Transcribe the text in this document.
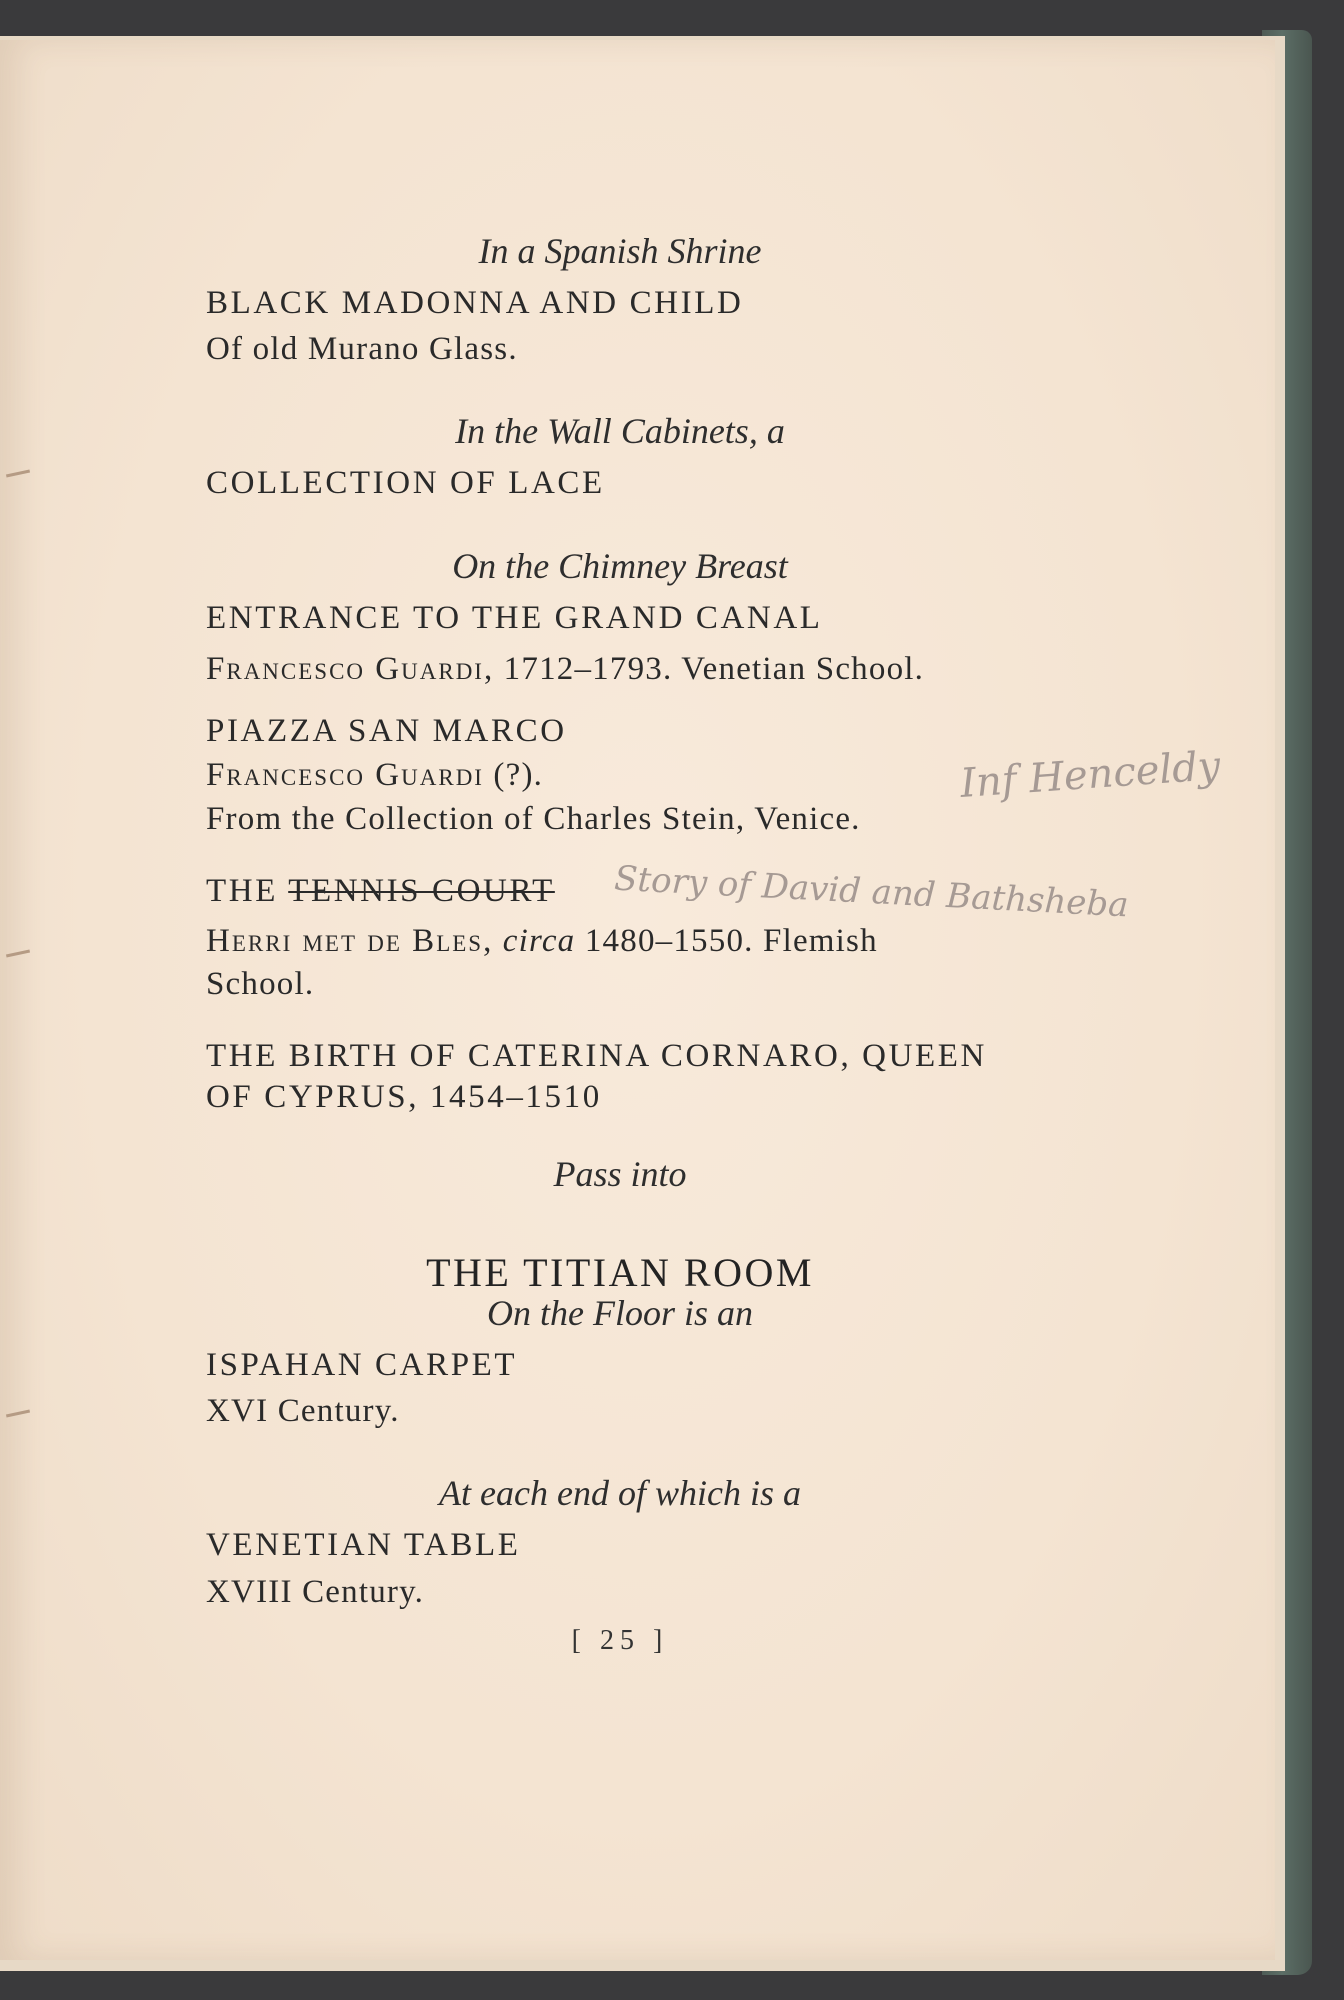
In a Spanish Shrine

BLACK MADONNA AND CHILD

Of old Murano Glass.

In the Wall Cabinets, a

COLLECTION OF LACE

On the Chimney Breast

ENTRANCE TO THE GRAND CANAL

Francesco Guardi, 1712–1793. Venetian School.

PIAZZA SAN MARCO

Francesco Guardi (?).

From the Collection of Charles Stein, Venice.

THE TENNIS COURT

Herri met de Bles, circa 1480–1550. Flemish

School.

THE BIRTH OF CATERINA CORNARO, QUEEN

OF CYPRUS, 1454–1510

Pass into

THE TITIAN ROOM

On the Floor is an

ISPAHAN CARPET

XVI Century.

At each end of which is a

VENETIAN TABLE

XVIII Century.

[ 25 ]
Inf Henceldy
Story of David and Bathsheba
